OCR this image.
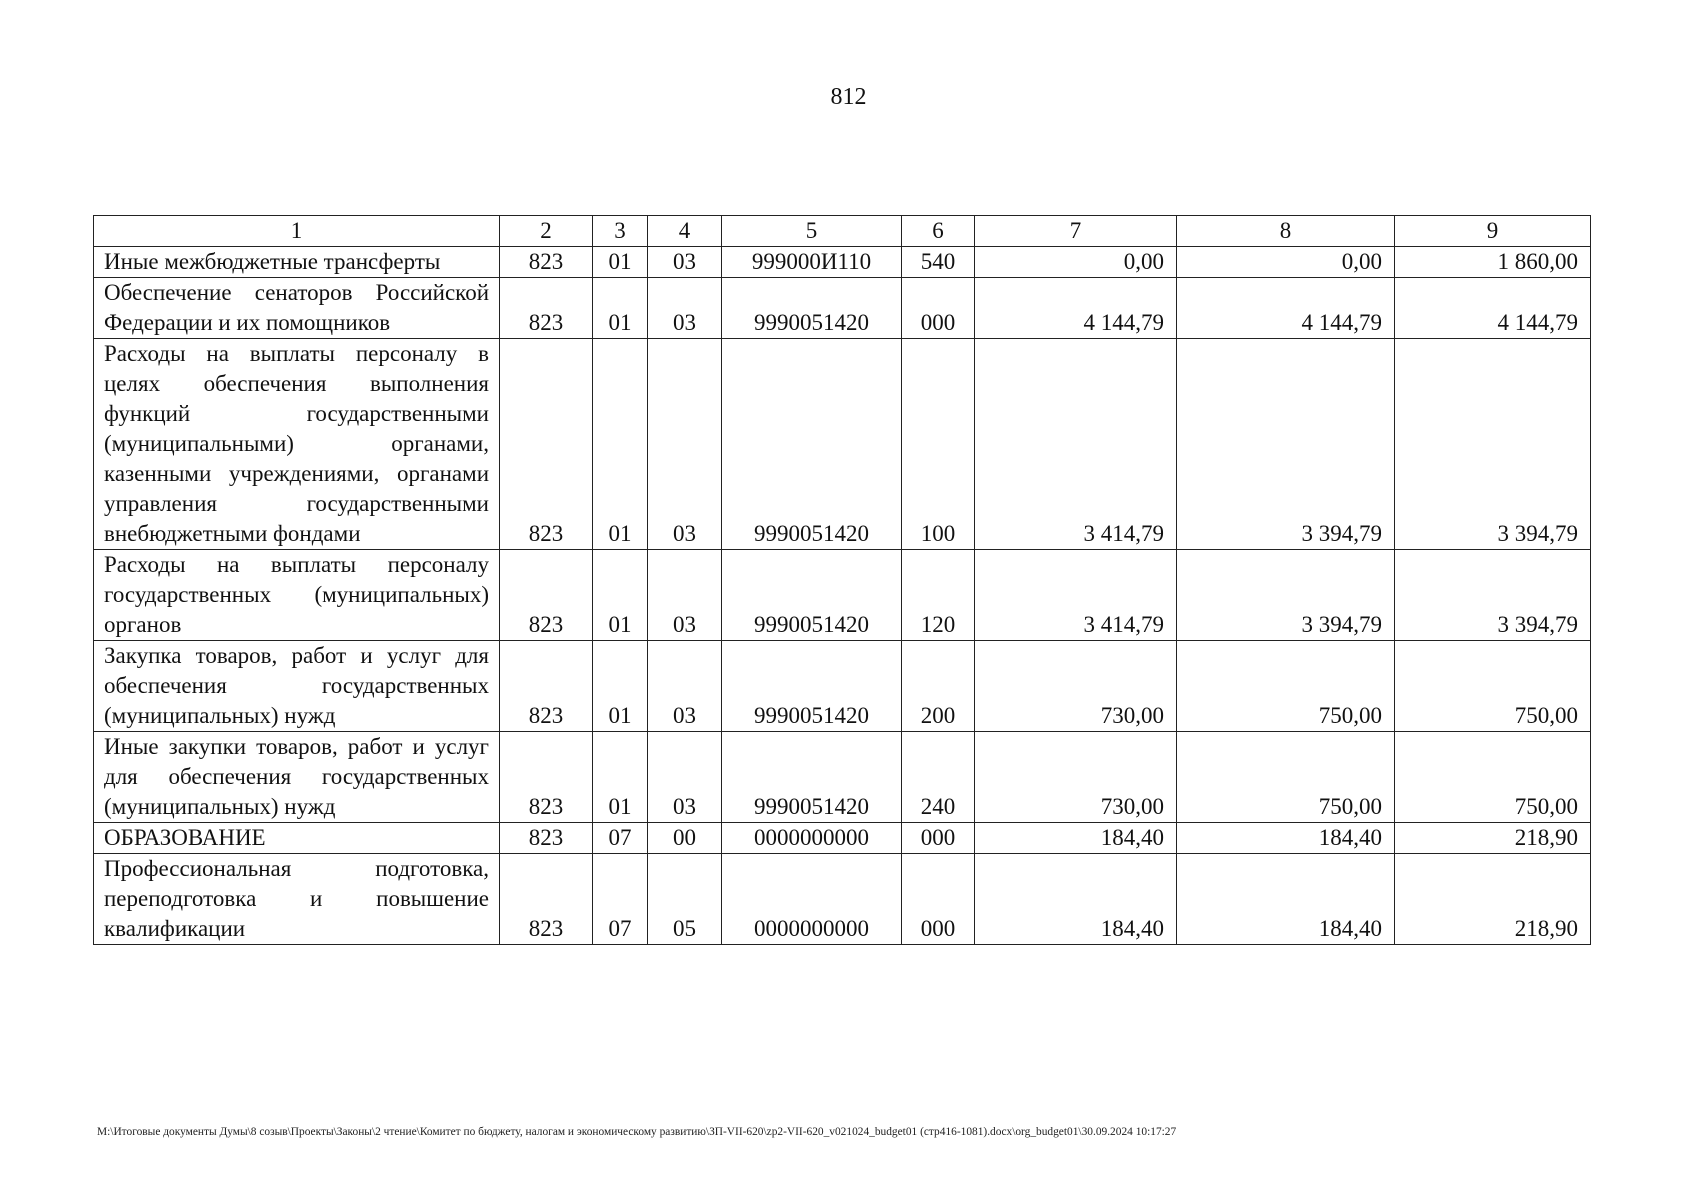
812
1	2	3	4	5	6	7	8	9
Иные межбюджетные трансферты	823	01	03	999000И110	540	0,00	0,00	1 860,00
Обеспечение сенаторов Российской Федерации и их помощников	823	01	03	9990051420	000	4 144,79	4 144,79	4 144,79
Расходы на выплаты персоналу в целях обеспечения выполнения функций государственными (муниципальными) органами, казенными учреждениями, органами управления государственными внебюджетными фондами	823	01	03	9990051420	100	3 414,79	3 394,79	3 394,79
Расходы на выплаты персоналу государственных (муниципальных) органов	823	01	03	9990051420	120	3 414,79	3 394,79	3 394,79
Закупка товаров, работ и услуг для обеспечения государственных (муниципальных) нужд	823	01	03	9990051420	200	730,00	750,00	750,00
Иные закупки товаров, работ и услуг для обеспечения государственных (муниципальных) нужд	823	01	03	9990051420	240	730,00	750,00	750,00
ОБРАЗОВАНИЕ	823	07	00	0000000000	000	184,40	184,40	218,90
Профессиональная подготовка, переподготовка и повышение квалификации	823	07	05	0000000000	000	184,40	184,40	218,90
М:\Итоговые документы Думы\8 созыв\Проекты\Законы\2 чтение\Комитет по бюджету, налогам и экономическому развитию\ЗП-VII-620\zp2-VII-620_v021024_budget01 (стр416-1081).docx\org_budget01\30.09.2024 10:17:27
